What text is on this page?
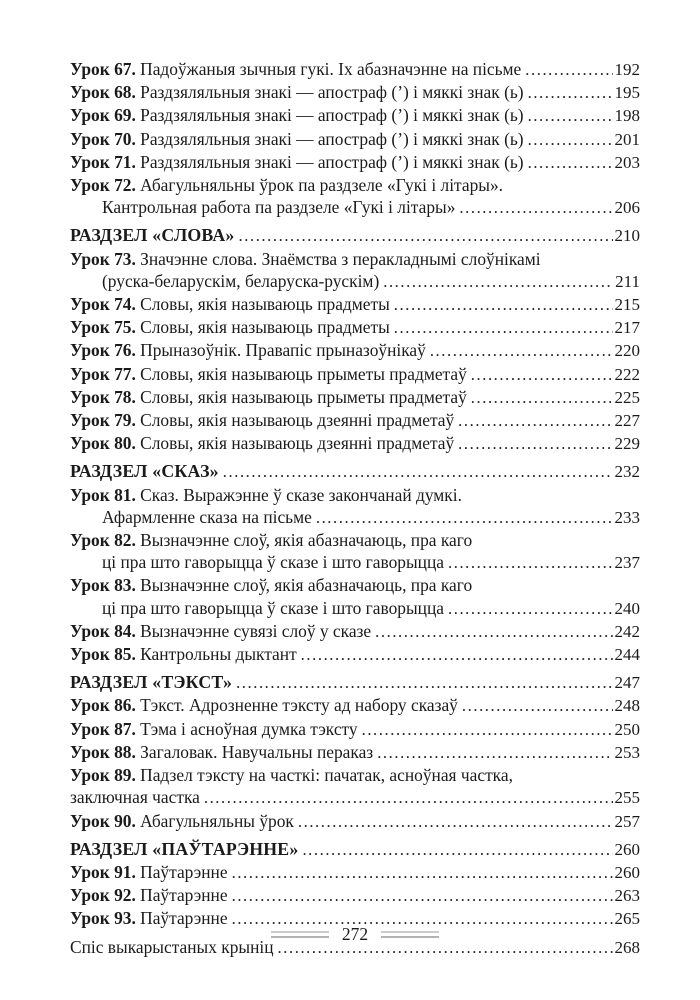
Урок 67. Падоўжаныя зычныя гукі. Іх абазначэнне на пісьме .....	192
Урок 68. Раздзяляльныя знакі — апостраф (’) і мяккі знак (ь) .....	195
Урок 69. Раздзяляльныя знакі — апостраф (’) і мяккі знак (ь) .....	198
Урок 70. Раздзяляльныя знакі — апостраф (’) і мяккі знак (ь) .....	201
Урок 71. Раздзяляльныя знакі — апостраф (’) і мяккі знак (ь) .....	203
Урок 72. Абагульняльны ўрок па раздзеле «Гукі і літары».
Кантрольная работа па раздзеле «Гукі і літары» .....	206
РАЗДЗЕЛ «СЛОВА» .....	210
Урок 73. Значэнне слова. Знаёмства з перакладнымі слоўнікамі
(руска-беларускім, беларуска-рускім) .....	211
Урок 74. Словы, якія называюць прадметы .....	215
Урок 75. Словы, якія называюць прадметы .....	217
Урок 76. Прыназоўнік. Правапіс прыназоўнікаў .....	220
Урок 77. Словы, якія называюць прыметы прадметаў .....	222
Урок 78. Словы, якія называюць прыметы прадметаў .....	225
Урок 79. Словы, якія называюць дзеянні прадметаў .....	227
Урок 80. Словы, якія называюць дзеянні прадметаў .....	229
РАЗДЗЕЛ «СКАЗ» .....	232
Урок 81. Сказ. Выражэнне ў сказе закончанай думкі.
Афармленне сказа на пісьме .....	233
Урок 82. Вызначэнне слоў, якія абазначаюць, пра каго
ці пра што гаворыцца ў сказе і што гаворыцца .....	237
Урок 83. Вызначэнне слоў, якія абазначаюць, пра каго
ці пра што гаворыцца ў сказе і што гаворыцца .....	240
Урок 84. Вызначэнне сувязі слоў у сказе .....	242
Урок 85. Кантрольны дыктант .....	244
РАЗДЗЕЛ «ТЭКСТ» .....	247
Урок 86. Тэкст. Адрозненне тэксту ад набору сказаў .....	248
Урок 87. Тэма і асноўная думка тэксту .....	250
Урок 88. Загаловак. Навучальны пераказ .....	253
Урок 89. Падзел тэксту на часткі: пачатак, асноўная частка,
заключная частка .....	255
Урок 90. Абагульняльны ўрок .....	257
РАЗДЗЕЛ «ПАЎТАРЭННЕ» .....	260
Урок 91. Паўтарэнне .....	260
Урок 92. Паўтарэнне .....	263
Урок 93. Паўтарэнне .....	265
Спіс выкарыстаных крыніц .....	268
272
